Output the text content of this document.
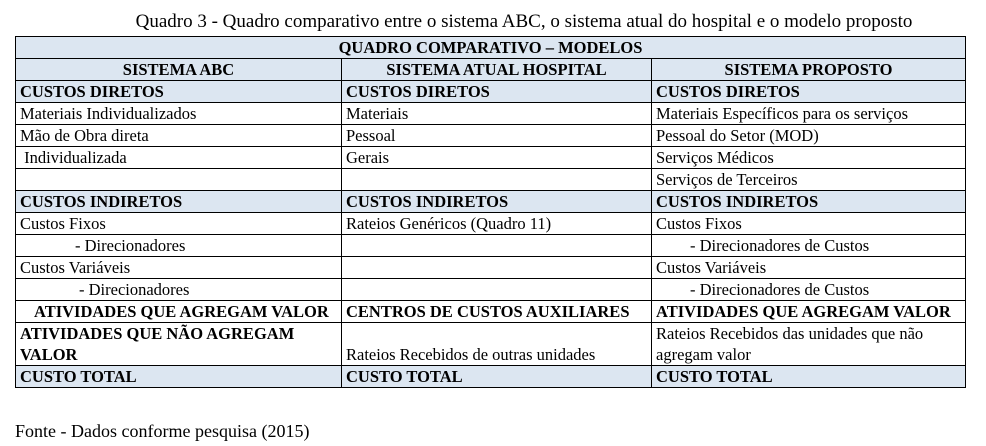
Quadro 3 - Quadro comparativo entre o sistema ABC, o sistema atual do hospital e o modelo proposto
QUADRO COMPARATIVO – MODELOS		
SISTEMA ABC	SISTEMA ATUAL HOSPITAL	SISTEMA PROPOSTO
CUSTOS DIRETOS	CUSTOS DIRETOS	CUSTOS DIRETOS
Materiais Individualizados	Materiais	Materiais Específicos para os serviços
Mão de Obra direta	Pessoal	Pessoal do Setor (MOD)
Individualizada	Gerais	Serviços Médicos
		Serviços de Terceiros
CUSTOS INDIRETOS	CUSTOS INDIRETOS	CUSTOS INDIRETOS
Custos Fixos	Rateios Genéricos (Quadro 11)	Custos Fixos
- Direcionadores		- Direcionadores de Custos
Custos Variáveis		Custos Variáveis
- Direcionadores		- Direcionadores de Custos
ATIVIDADES QUE AGREGAM VALOR	CENTROS DE CUSTOS AUXILIARES	ATIVIDADES QUE AGREGAM VALOR
ATIVIDADES QUE NÃO AGREGAM VALOR	Rateios Recebidos de outras unidades	Rateios Recebidos das unidades que não agregam valor
CUSTO TOTAL	CUSTO TOTAL	CUSTO TOTAL
Fonte - Dados conforme pesquisa (2015)
